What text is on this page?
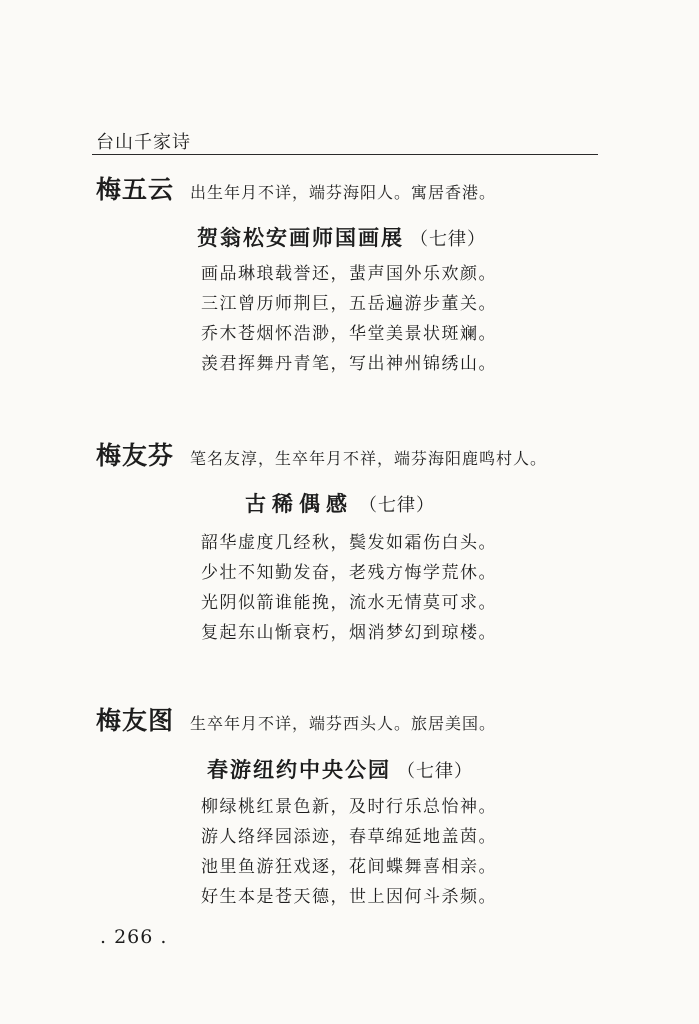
台山千家诗
梅五云 出生年月不详，端芬海阳人。寓居香港。
贺翁松安画师国画展 （七律）
画品琳琅载誉还，蜚声国外乐欢颜。
三江曾历师荆巨，五岳遍游步董关。
乔木苍烟怀浩渺，华堂美景状斑斓。
羡君挥舞丹青笔，写出神州锦绣山。
梅友芬 笔名友淳，生卒年月不祥，端芬海阳鹿鸣村人。
古稀偶感 （七律）
韶华虚度几经秋，鬓发如霜伤白头。
少壮不知勤发奋，老残方悔学荒休。
光阴似箭谁能挽，流水无情莫可求。
复起东山惭衰朽，烟消梦幻到琼楼。
梅友图 生卒年月不详，端芬西头人。旅居美国。
春游纽约中央公园 （七律）
柳绿桃红景色新，及时行乐总怡神。
游人络绎园添迹，春草绵延地盖茵。
池里鱼游狂戏逐，花间蝶舞喜相亲。
好生本是苍天德，世上因何斗杀频。
. 266 .
